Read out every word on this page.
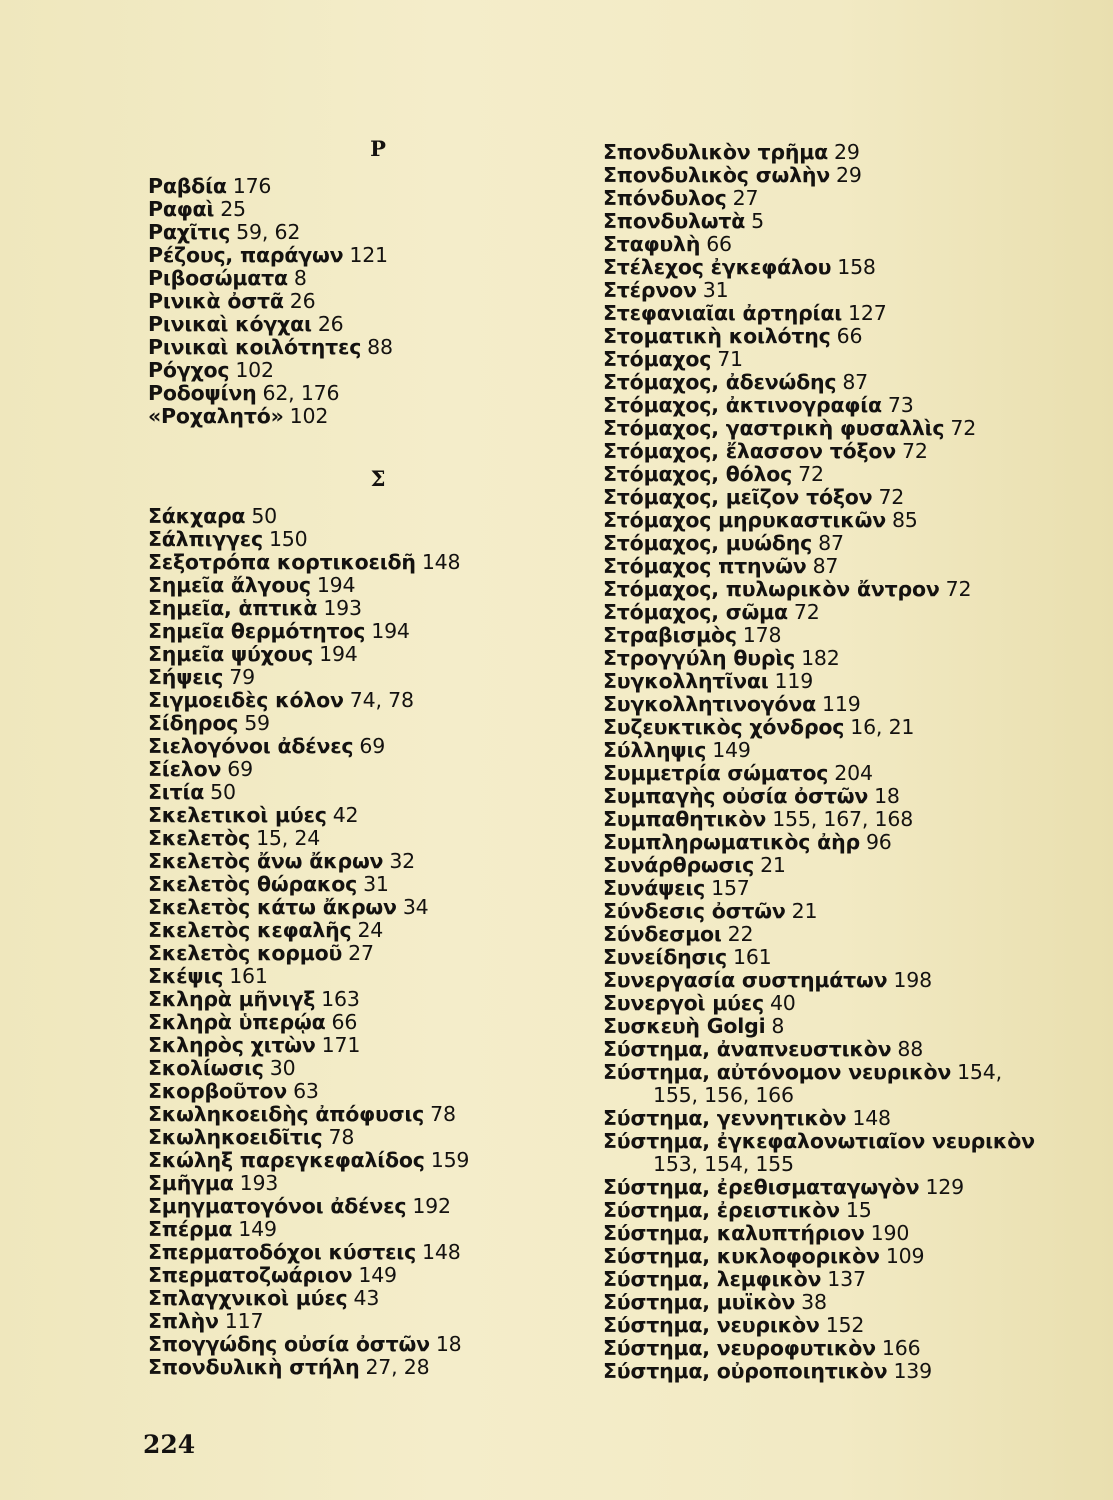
Ρ
Ραβδία 176
Ραφαὶ 25
Ραχῖτις 59, 62
Ρέζους, παράγων 121
Ριβοσώματα 8
Ρινικὰ ὀστᾶ 26
Ρινικαὶ κόγχαι 26
Ρινικαὶ κοιλότητες 88
Ρόγχος 102
Ροδοψίνη 62, 176
«Ροχαλητό» 102
Σ
Σάκχαρα 50
Σάλπιγγες 150
Σεξοτρόπα κορτικοειδῆ 148
Σημεῖα ἄλγους 194
Σημεῖα, ἁπτικὰ 193
Σημεῖα θερμότητος 194
Σημεῖα ψύχους 194
Σήψεις 79
Σιγμοειδὲς κόλον 74, 78
Σίδηρος 59
Σιελογόνοι ἀδένες 69
Σίελον 69
Σιτία 50
Σκελετικοὶ μύες 42
Σκελετὸς 15, 24
Σκελετὸς ἄνω ἄκρων 32
Σκελετὸς θώρακος 31
Σκελετὸς κάτω ἄκρων 34
Σκελετὸς κεφαλῆς 24
Σκελετὸς κορμοῦ 27
Σκέψις 161
Σκληρὰ μῆνιγξ 163
Σκληρὰ ὑπερῴα 66
Σκληρὸς χιτὼν 171
Σκολίωσις 30
Σκορβοῦτον 63
Σκωληκοειδὴς ἀπόφυσις 78
Σκωληκοειδῖτις 78
Σκώληξ παρεγκεφαλίδος 159
Σμῆγμα 193
Σμηγματογόνοι ἀδένες 192
Σπέρμα 149
Σπερματοδόχοι κύστεις 148
Σπερματοζωάριον 149
Σπλαγχνικοὶ μύες 43
Σπλὴν 117
Σπογγώδης οὐσία ὀστῶν 18
Σπονδυλικὴ στήλη 27, 28
Σπονδυλικὸν τρῆμα 29
Σπονδυλικὸς σωλὴν 29
Σπόνδυλος 27
Σπονδυλωτὰ 5
Σταφυλὴ 66
Στέλεχος ἐγκεφάλου 158
Στέρνον 31
Στεφανιαῖαι ἀρτηρίαι 127
Στοματικὴ κοιλότης 66
Στόμαχος 71
Στόμαχος, ἀδενώδης 87
Στόμαχος, ἀκτινογραφία 73
Στόμαχος, γαστρικὴ φυσαλλὶς 72
Στόμαχος, ἔλασσον τόξον 72
Στόμαχος, θόλος 72
Στόμαχος, μεῖζον τόξον 72
Στόμαχος μηρυκαστικῶν 85
Στόμαχος, μυώδης 87
Στόμαχος πτηνῶν 87
Στόμαχος, πυλωρικὸν ἄντρον 72
Στόμαχος, σῶμα 72
Στραβισμὸς 178
Στρογγύλη θυρὶς 182
Συγκολλητῖναι 119
Συγκολλητινογόνα 119
Συζευκτικὸς χόνδρος 16, 21
Σύλληψις 149
Συμμετρία σώματος 204
Συμπαγὴς οὐσία ὀστῶν 18
Συμπαθητικὸν 155, 167, 168
Συμπληρωματικὸς ἀὴρ 96
Συνάρθρωσις 21
Συνάψεις 157
Σύνδεσις ὀστῶν 21
Σύνδεσμοι 22
Συνείδησις 161
Συνεργασία συστημάτων 198
Συνεργοὶ μύες 40
Συσκευὴ Golgi 8
Σύστημα, ἀναπνευστικὸν 88
Σύστημα, αὐτόνομον νευρικὸν 154,
155, 156, 166
Σύστημα, γεννητικὸν 148
Σύστημα, ἐγκεφαλονωτιαῖον νευρικὸν
153, 154, 155
Σύστημα, ἐρεθισματαγωγὸν 129
Σύστημα, ἐρειστικὸν 15
Σύστημα, καλυπτήριον 190
Σύστημα, κυκλοφορικὸν 109
Σύστημα, λεμφικὸν 137
Σύστημα, μυϊκὸν 38
Σύστημα, νευρικὸν 152
Σύστημα, νευροφυτικὸν 166
Σύστημα, οὐροποιητικὸν 139
224
